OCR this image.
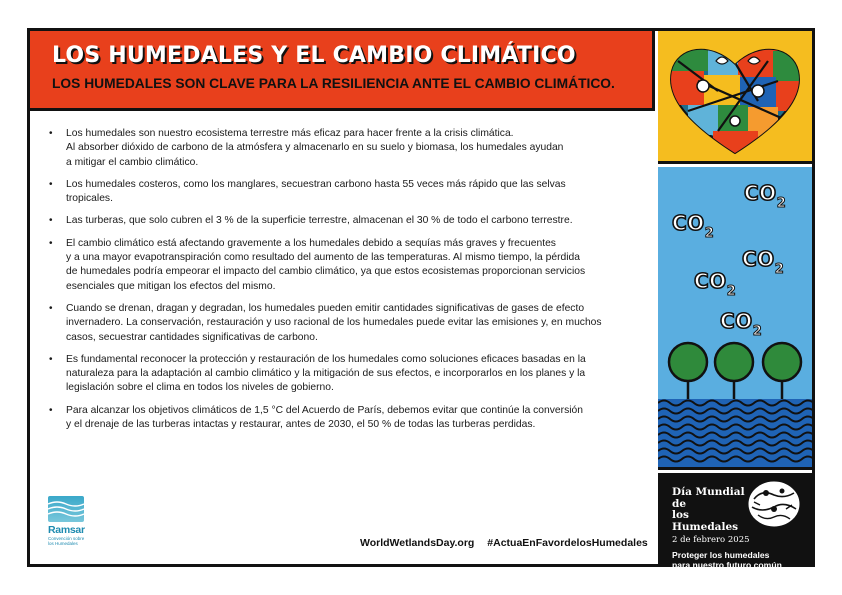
LOS HUMEDALES Y EL CAMBIO CLIMÁTICO
LOS HUMEDALES SON CLAVE PARA LA RESILIENCIA ANTE EL CAMBIO CLIMÁTICO.
• Los humedales son nuestro ecosistema terrestre más eficaz para hacer frente a la crisis climática.
Al absorber dióxido de carbono de la atmósfera y almacenarlo en su suelo y biomasa, los humedales ayudan
a mitigar el cambio climático.
• Los humedales costeros, como los manglares, secuestran carbono hasta 55 veces más rápido que las selvas
tropicales.
• Las turberas, que solo cubren el 3 % de la superficie terrestre, almacenan el 30 % de todo el carbono terrestre.
• El cambio climático está afectando gravemente a los humedales debido a sequías más graves y frecuentes
y a una mayor evapotranspiración como resultado del aumento de las temperaturas. Al mismo tiempo, la pérdida
de humedales podría empeorar el impacto del cambio climático, ya que estos ecosistemas proporcionan servicios
esenciales que mitigan los efectos del mismo.
• Cuando se drenan, dragan y degradan, los humedales pueden emitir cantidades significativas de gases de efecto
invernadero. La conservación, restauración y uso racional de los humedales puede evitar las emisiones y, en muchos
casos, secuestrar cantidades significativas de carbono.
• Es fundamental reconocer la protección y restauración de los humedales como soluciones eficaces basadas en la
naturaleza para la adaptación al cambio climático y la mitigación de sus efectos, e incorporarlos en los planes y la
legislación sobre el clima en todos los niveles de gobierno.
• Para alcanzar los objetivos climáticos de 1,5 °C del Acuerdo de París, debemos evitar que continúe la conversión
y el drenaje de las turberas intactas y restaurar, antes de 2030, el 50 % de todas las turberas perdidas.
Ramsar
Convención sobre
los Humedales	WorldWetlandsDay.org #ActuaEnFavordelosHumedales
$CO_2$
$CO_2$
$CO_2$
$CO_2$
$CO_2$
Día Mundial de
los Humedales
2 de febrero 2025
Proteger los humedales
para nuestro futuro común
